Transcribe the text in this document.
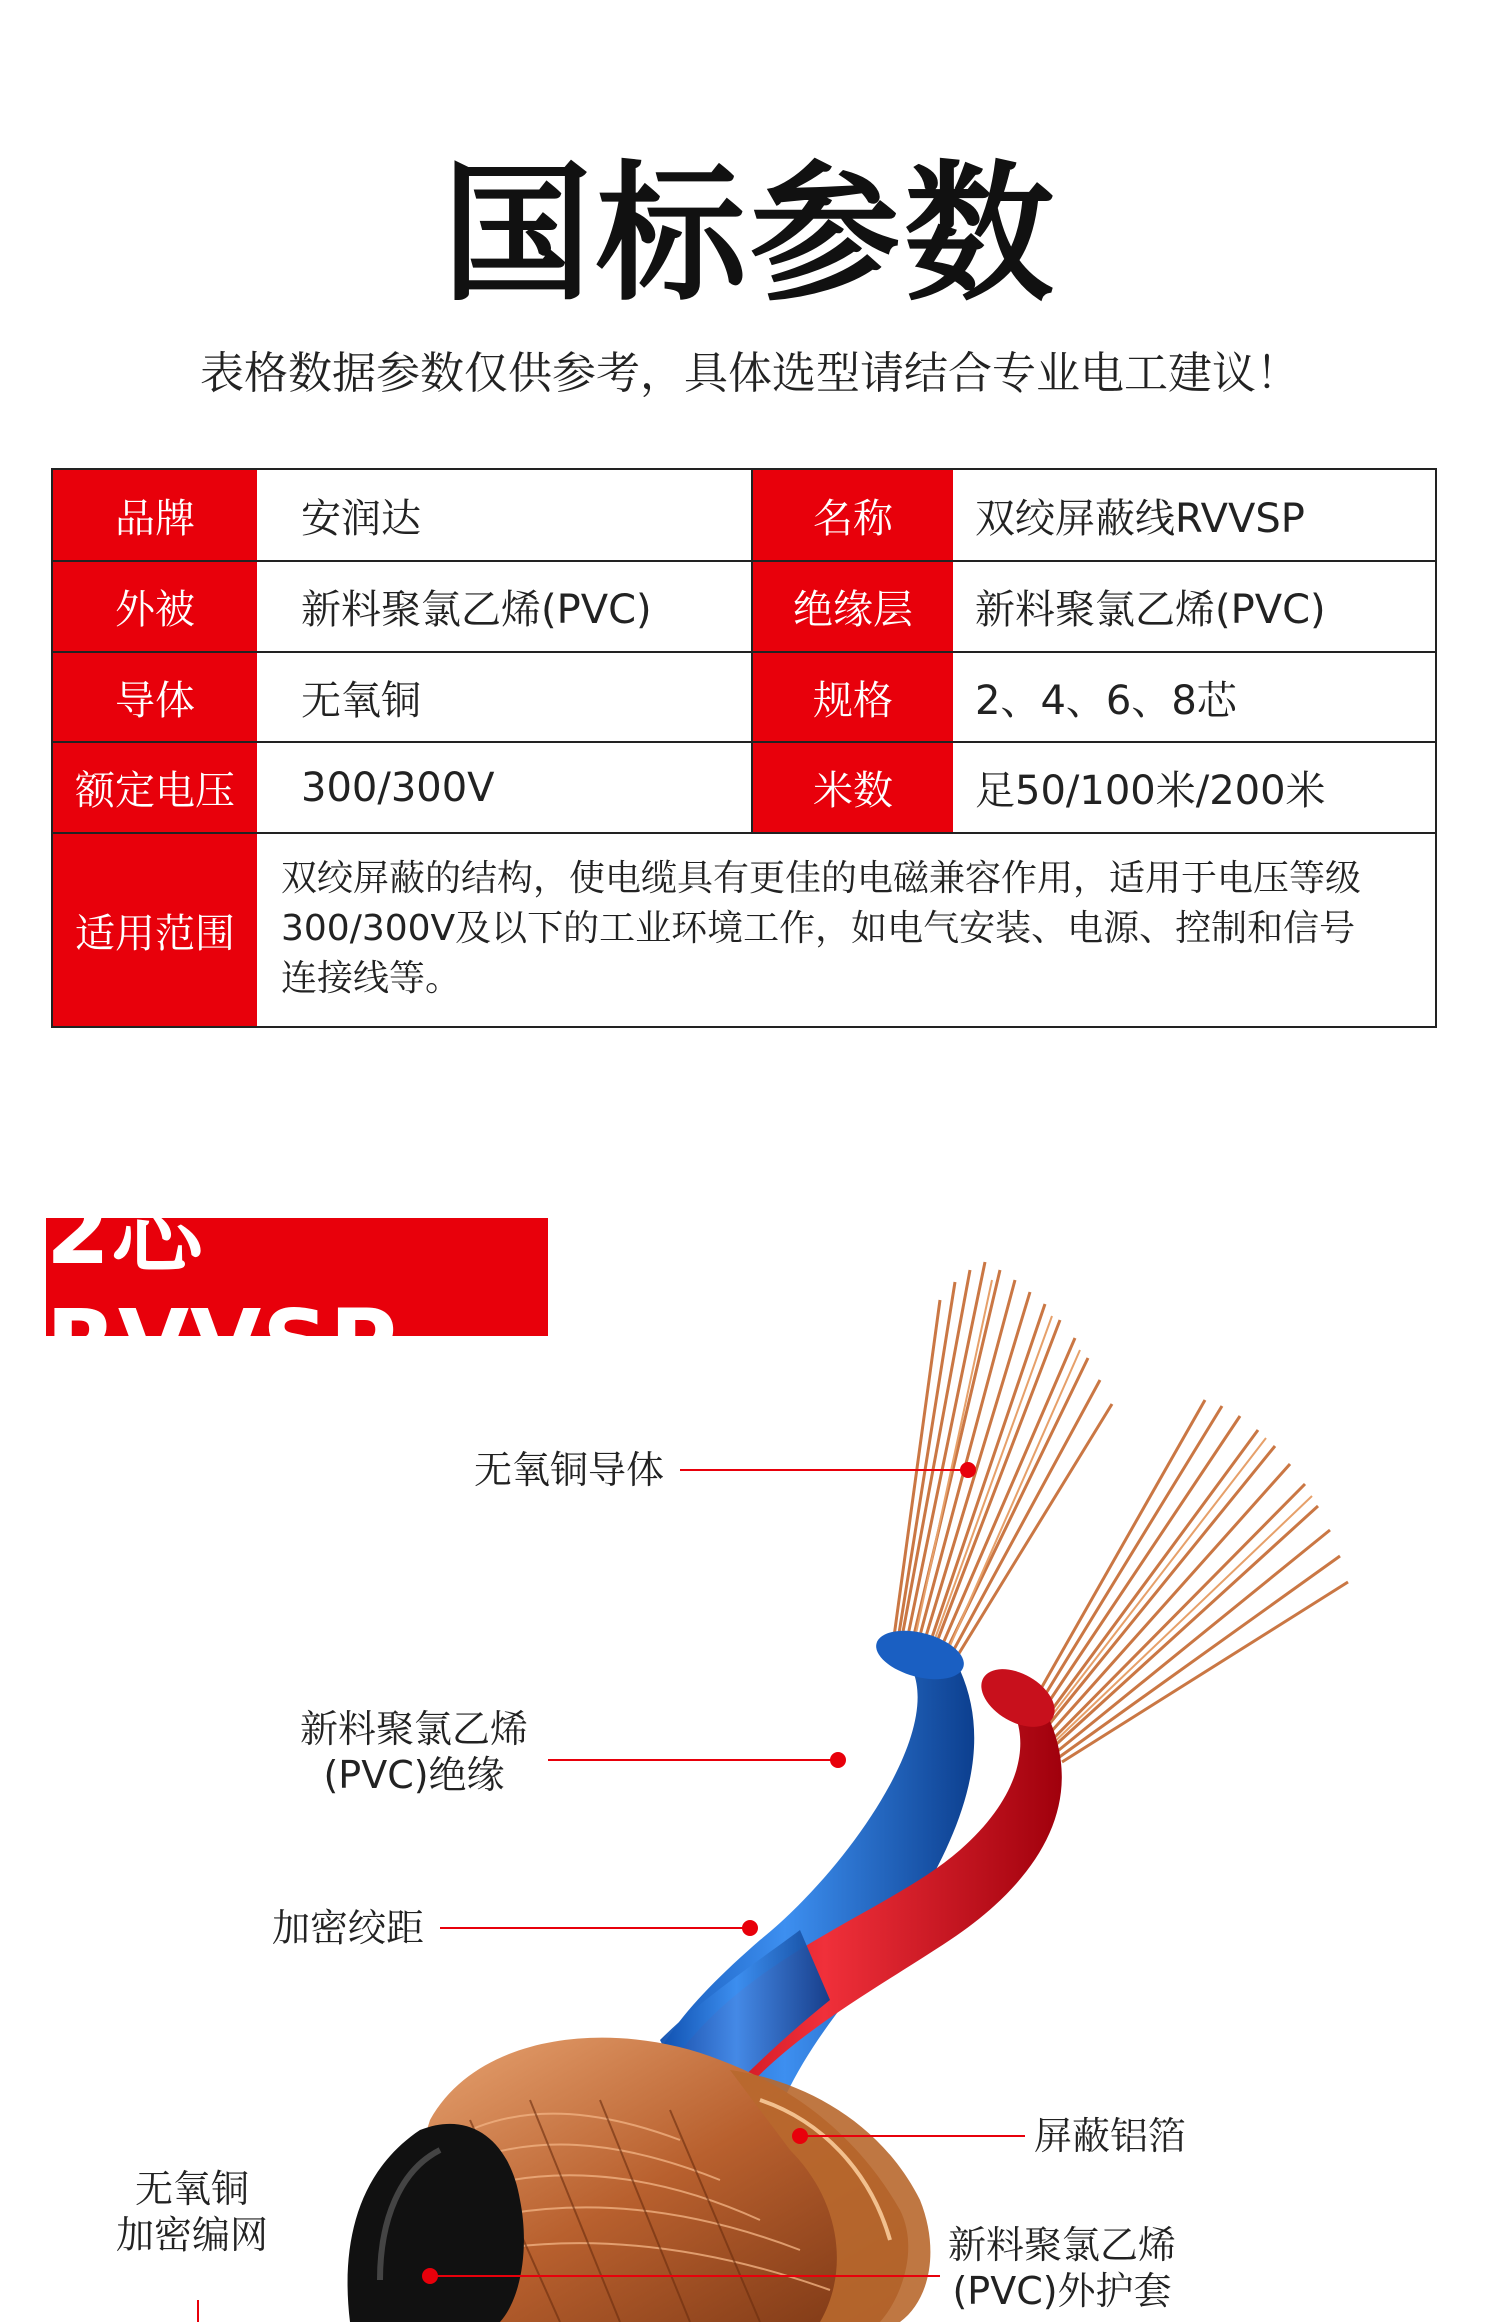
国标参数
表格数据参数仅供参考，具体选型请结合专业电工建议！
品牌	安润达	名称	双绞屏蔽线RVVSP
外被	新料聚氯乙烯(PVC)	绝缘层	新料聚氯乙烯(PVC)
导体	无氧铜	规格	2、4、6、8芯
额定电压	300/300V	米数	足50/100米/200米
适用范围
双绞屏蔽的结构，使电缆具有更佳的电磁兼容作用，适用于电压等级
300/300V及以下的工业环境工作，如电气安装、电源、控制和信号
连接线等。
2芯RVVSP
无氧铜导体
新料聚氯乙烯
(PVC)绝缘
加密绞距
屏蔽铝箔
无氧铜
加密编网	新料聚氯乙烯
(PVC)外护套
